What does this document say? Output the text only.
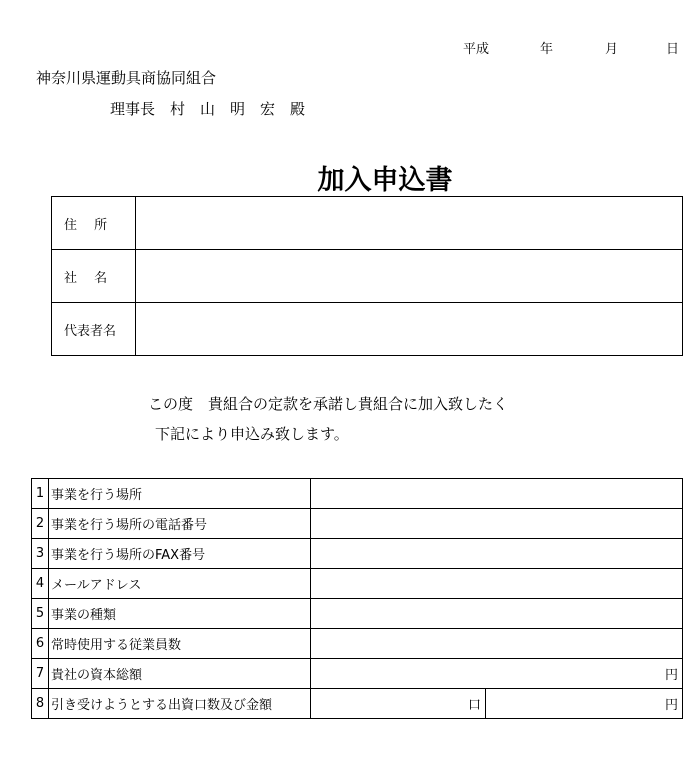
平成	年	月	日
神奈川県運動具商協同組合
理事長　村　山　明　宏　殿
加入申込書
住　 所	
社　 名	
代表者名	
この度　貴組合の定款を承諾し貴組合に加入致したく
下記により申込み致します。
1	事業を行う場所		
2	事業を行う場所の電話番号		
3	事業を行う場所のFAX番号		
4	メールアドレス		
5	事業の種類		
6	常時使用する従業員数		
7	貴社の資本総額	円	
8	引き受けようとする出資口数及び金額	口	円
